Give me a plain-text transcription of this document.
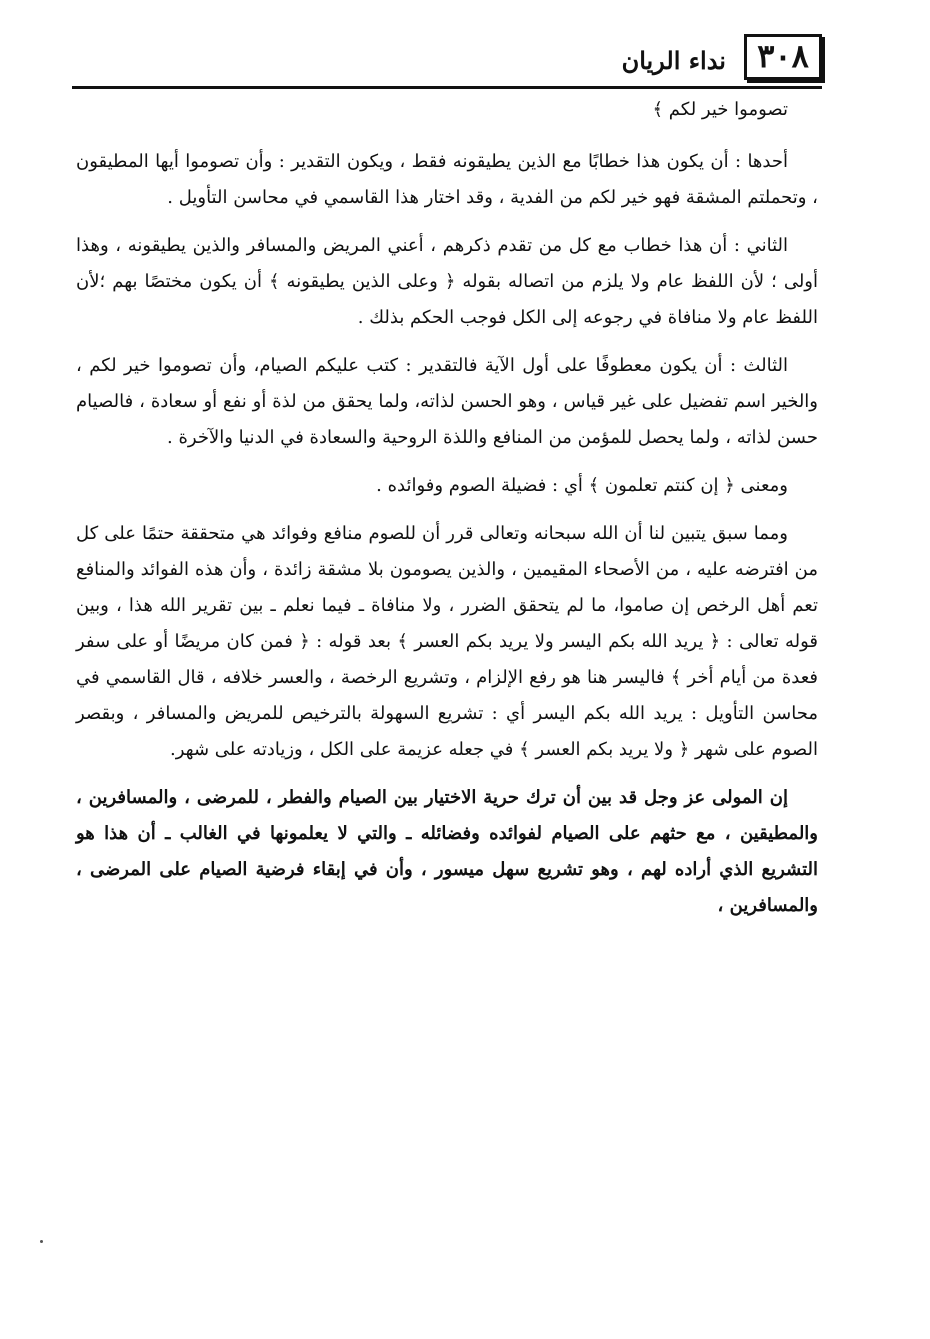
٣٠٨
نداء الريان

تصوموا خير لكم ﴾

أحدها : أن يكون هذا خطابًا مع الذين يطيقونه فقط ، ويكون التقدير : وأن تصوموا أيها المطيقون ، وتحملتم المشقة فهو خير لكم من الفدية ، وقد اختار هذا القاسمي في محاسن التأويل .

الثاني : أن هذا خطاب مع كل من تقدم ذكرهم ، أعني المريض والمسافر والذين يطيقونه ، وهذا أولى ؛ لأن اللفظ عام ولا يلزم من اتصاله بقوله ﴿ وعلى الذين يطيقونه ﴾ أن يكون مختصًا بهم ؛لأن اللفظ عام ولا منافاة في رجوعه إلى الكل فوجب الحكم بذلك .

الثالث : أن يكون معطوفًا على أول الآية فالتقدير : كتب عليكم الصيام، وأن تصوموا خير لكم ، والخير اسم تفضيل على غير قياس ، وهو الحسن لذاته، ولما يحقق من لذة أو نفع أو سعادة ، فالصيام حسن لذاته ، ولما يحصل للمؤمن من المنافع واللذة الروحية والسعادة في الدنيا والآخرة .

ومعنى ﴿ إن كنتم تعلمون ﴾ أي : فضيلة الصوم وفوائده .

ومما سبق يتبين لنا أن الله سبحانه وتعالى قرر أن للصوم منافع وفوائد هي متحققة حتمًا على كل من افترضه عليه ، من الأصحاء المقيمين ، والذين يصومون بلا مشقة زائدة ، وأن هذه الفوائد والمنافع تعم أهل الرخص إن صاموا، ما لم يتحقق الضرر ، ولا منافاة ـ فيما نعلم ـ بين تقرير الله هذا ، وبين قوله تعالى : ﴿ يريد الله بكم اليسر ولا يريد بكم العسر ﴾ بعد قوله : ﴿ فمن كان مريضًا أو على سفر فعدة من أيام أخر ﴾ فاليسر هنا هو رفع الإلزام ، وتشريع الرخصة ، والعسر خلافه ، قال القاسمي في محاسن التأويل : يريد الله بكم اليسر أي : تشريع السهولة بالترخيص للمريض والمسافر ، وبقصر الصوم على شهر ﴿ ولا يريد بكم العسر ﴾ في جعله عزيمة على الكل ، وزيادته على شهر.

إن المولى عز وجل قد بين أن ترك حرية الاختيار بين الصيام والفطر ، للمرضى ، والمسافرين ، والمطيقين ، مع حثهم على الصيام لفوائده وفضائله ـ والتي لا يعلمونها في الغالب ـ أن هذا هو التشريع الذي أراده لهم ، وهو تشريع سهل ميسور ، وأن في إبقاء فرضية الصيام على المرضى ، والمسافرين ،
